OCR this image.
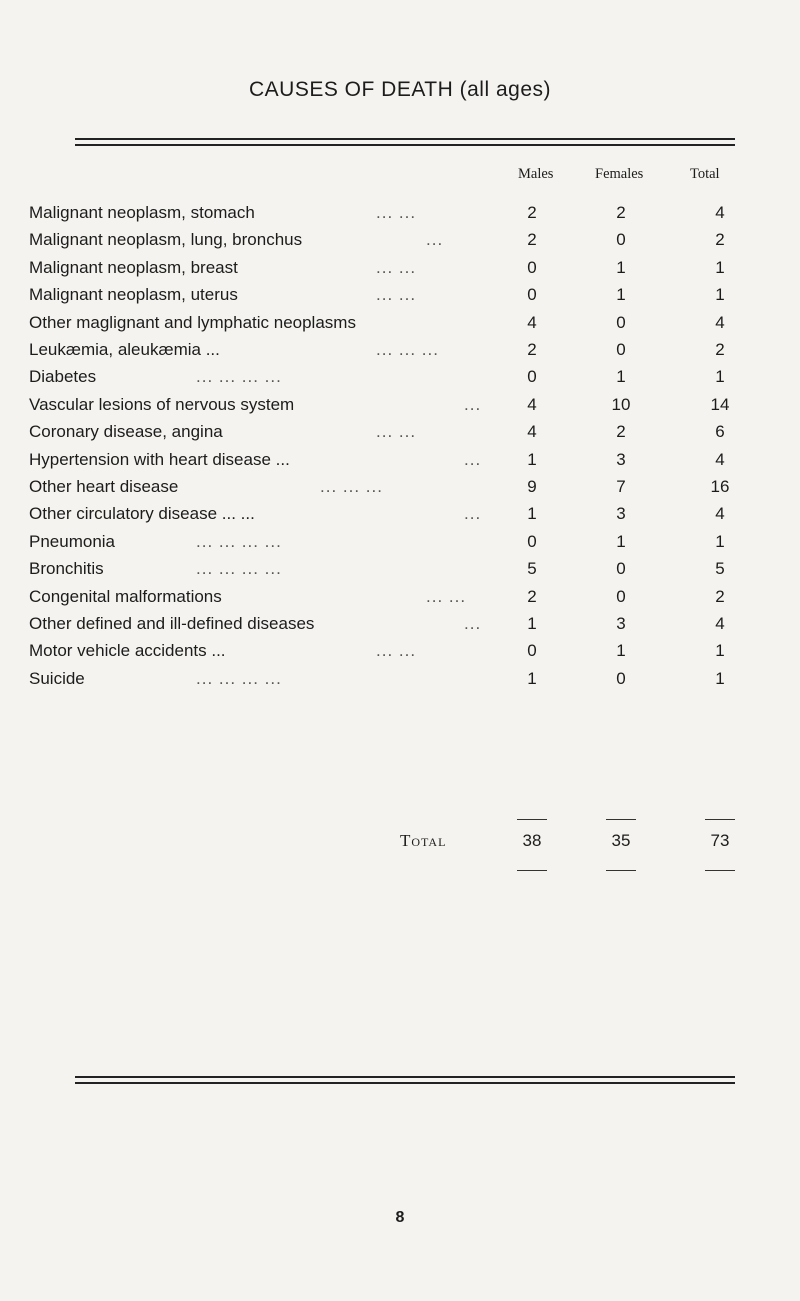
CAUSES OF DEATH (all ages)
Males	Females	Total
Malignant neoplasm, stomach	... ...	2	2	4
Malignant neoplasm, lung, bronchus	...	2	0	2
Malignant neoplasm, breast	... ...	0	1	1
Malignant neoplasm, uterus	... ...	0	1	1
Other maglignant and lymphatic neoplasms	4	0	4
Leukæmia, aleukæmia ...	... ... ...	2	0	2
Diabetes	... ... ... ...	0	1	1
Vascular lesions of nervous system	...	4	10	14
Coronary disease, angina	... ...	4	2	6
Hypertension with heart disease ...	...	1	3	4
Other heart disease	... ... ...	9	7	16
Other circulatory disease ... ...	...	1	3	4
Pneumonia	... ... ... ...	0	1	1
Bronchitis	... ... ... ...	5	0	5
Congenital malformations	... ...	2	0	2
Other defined and ill-defined diseases	...	1	3	4
Motor vehicle accidents ...	... ...	0	1	1
Suicide	... ... ... ...	1	0	1
Total	38	35	73
8
